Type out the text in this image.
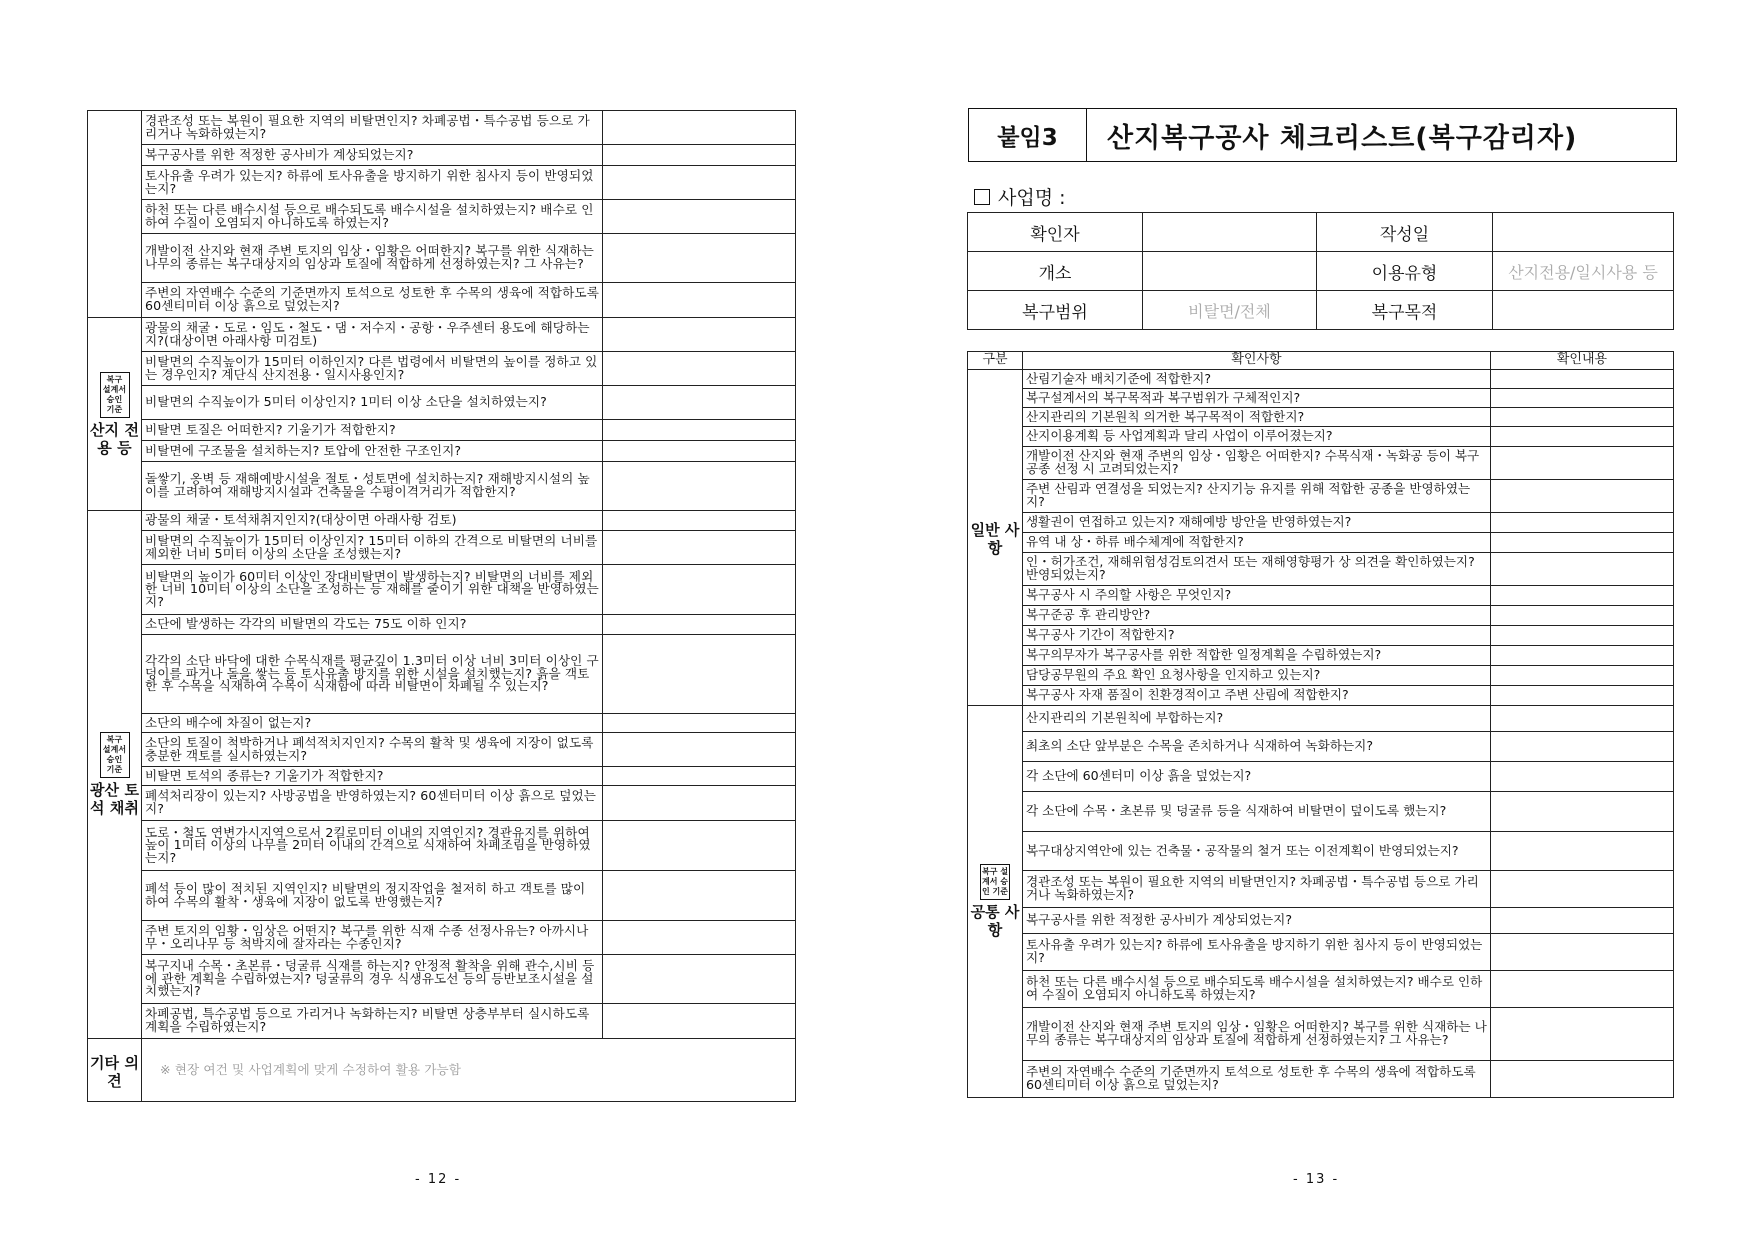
	경관조성 또는 복원이 필요한 지역의 비탈면인지? 차폐공법・특수공법 등으로 가리거나 녹화하였는지?	
	복구공사를 위한 적정한 공사비가 계상되었는지?	
	토사유출 우려가 있는지? 하류에 토사유출을 방지하기 위한 침사지 등이 반영되었는지?	
	하천 또는 다른 배수시설 등으로 배수되도록 배수시설을 설치하였는지? 배수로 인하여 수질이 오염되지 아니하도록 하였는지?	
	개발이전 산지와 현재 주변 토지의 임상・임황은 어떠한지? 복구를 위한 식재하는 나무의 종류는 복구대상지의 임상과 토질에 적합하게 선정하였는지? 그 사유는?	
	주변의 자연배수 수준의 기준면까지 토석으로 성토한 후 수목의 생육에 적합하도록 60센티미터 이상 흙으로 덮었는지?	
복구 설계서 승인 기준
산지 전용 등	광물의 채굴・도로・임도・철도・댐・저수지・공항・우주센터 용도에 해당하는지?(대상이면 아래사항 미검토)	
	비탈면의 수직높이가 15미터 이하인지? 다른 법령에서 비탈면의 높이를 정하고 있는 경우인지? 계단식 산지전용・일시사용인지?	
	비탈면의 수직높이가 5미터 이상인지? 1미터 이상 소단을 설치하였는지?	
	비탈면 토질은 어떠한지? 기울기가 적합한지?	
	비탈면에 구조물을 설치하는지? 토압에 안전한 구조인지?	
	돌쌓기, 옹벽 등 재해예방시설을 절토・성토면에 설치하는지? 재해방지시설의 높이를 고려하여 재해방지시설과 건축물을 수평이격거리가 적합한지?	
복구 설계서 승인 기준
광산 토석 채취	광물의 채굴・토석채취지인지?(대상이면 아래사항 검토)	
	비탈면의 수직높이가 15미터 이상인지? 15미터 이하의 간격으로 비탈면의 너비를 제외한 너비 5미터 이상의 소단을 조성했는지?	
	비탈면의 높이가 60미터 이상인 장대비탈면이 발생하는지? 비탈면의 너비를 제외한 너비 10미터 이상의 소단을 조성하는 등 재해를 줄이기 위한 대책을 반영하였는지?	
	소단에 발생하는 각각의 비탈면의 각도는 75도 이하 인지?	
	각각의 소단 바닥에 대한 수목식재를 평균깊이 1.3미터 이상 너비 3미터 이상인 구덩이를 파거나 돌을 쌓는 등 토사유출 방지를 위한 시설을 설치했는지? 흙을 객토한 후 수목을 식재하여 수목이 식재함에 따라 비탈면이 차폐될 수 있는지?	
	소단의 배수에 차질이 없는지?	
	소단의 토질이 척박하거나 폐석적치지인지? 수목의 활착 및 생육에 지장이 없도록 충분한 객토를 실시하였는지?	
	비탈면 토석의 종류는? 기울기가 적합한지?	
	폐석처리장이 있는지? 사방공법을 반영하였는지? 60센터미터 이상 흙으로 덮었는지?	
	도로・철도 연변가시지역으로서 2킬로미터 이내의 지역인지? 경관유지를 위하여 높이 1미터 이상의 나무를 2미터 이내의 간격으로 식재하여 차폐조림을 반영하였는지?	
	폐석 등이 많이 적치된 지역인지? 비탈면의 정지작업을 철저히 하고 객토를 많이 하여 수목의 활착・생육에 지장이 없도록 반영했는지?	
	주변 토지의 임황・임상은 어떤지? 복구를 위한 식재 수종 선정사유는? 아까시나무・오리나무 등 척박지에 잘자라는 수종인지?	
	복구지내 수목・초본류・덩굴류 식재를 하는지? 안정적 활착을 위해 관수,시비 등에 관한 계획을 수립하였는지? 덩굴류의 경우 식생유도선 등의 등반보조시설을 설치했는지?	
	차폐공법, 특수공법 등으로 가리거나 녹화하는지? 비탈면 상층부부터 실시하도록 계획을 수립하였는지?	

기타 의견	※ 현장 여건 및 사업계획에 맞게 수정하여 활용 가능함	
- 12 -
붙임3	산지복구공사 체크리스트(복구감리자)
사업명 :
확인자		작성일	
개소		이용유형	산지전용/일시사용 등
복구범위	비탈면/전체	복구목적	
구분	확인사항	확인내용

일반 사항	산림기술자 배치기준에 적합한지?	
	복구설계서의 복구목적과 복구범위가 구체적인지?	
	산지관리의 기본원칙 의거한 복구목적이 적합한지?	
	산지이용계획 등 사업계획과 달리 사업이 이루어졌는지?	
	개발이전 산지와 현재 주변의 임상・임황은 어떠한지? 수목식재・녹화공 등이 복구공종 선정 시 고려되었는지?	
	주변 산림과 연결성을 되었는지? 산지기능 유지를 위해 적합한 공종을 반영하였는지?	
	생활권이 연접하고 있는지? 재해예방 방안을 반영하였는지?	
	유역 내 상・하류 배수체계에 적합한지?	
	인・허가조건, 재해위험성검토의견서 또는 재해영향평가 상 의견을 확인하였는지? 반영되었는지?	
	복구공사 시 주의할 사항은 무엇인지?	
	복구준공 후 관리방안?	
	복구공사 기간이 적합한지?	
	복구의무자가 복구공사를 위한 적합한 일정계획을 수립하였는지?	
	담당공무원의 주요 확인 요청사항을 인지하고 있는지?	
	복구공사 자재 품질이 친환경적이고 주변 산림에 적합한지?	
복구 설계서 승인 기준
공통 사항	산지관리의 기본원칙에 부합하는지?	
	최초의 소단 앞부분은 수목을 존치하거나 식재하여 녹화하는지?	
	각 소단에 60센터미 이상 흙을 덮었는지?	
	각 소단에 수목・초본류 및 덩굴류 등을 식재하여 비탈면이 덮이도록 했는지?	
	복구대상지역안에 있는 건축물・공작물의 철거 또는 이전계획이 반영되었는지?	
	경관조성 또는 복원이 필요한 지역의 비탈면인지? 차폐공법・특수공법 등으로 가리거나 녹화하였는지?	
	복구공사를 위한 적정한 공사비가 계상되었는지?	
	토사유출 우려가 있는지? 하류에 토사유출을 방지하기 위한 침사지 등이 반영되었는지?	
	하천 또는 다른 배수시설 등으로 배수되도록 배수시설을 설치하였는지? 배수로 인하여 수질이 오염되지 아니하도록 하였는지?	
	개발이전 산지와 현재 주변 토지의 임상・임황은 어떠한지? 복구를 위한 식재하는 나무의 종류는 복구대상지의 임상과 토질에 적합하게 선정하였는지? 그 사유는?	
	주변의 자연배수 수준의 기준면까지 토석으로 성토한 후 수목의 생육에 적합하도록 60센티미터 이상 흙으로 덮었는지?	
- 13 -
